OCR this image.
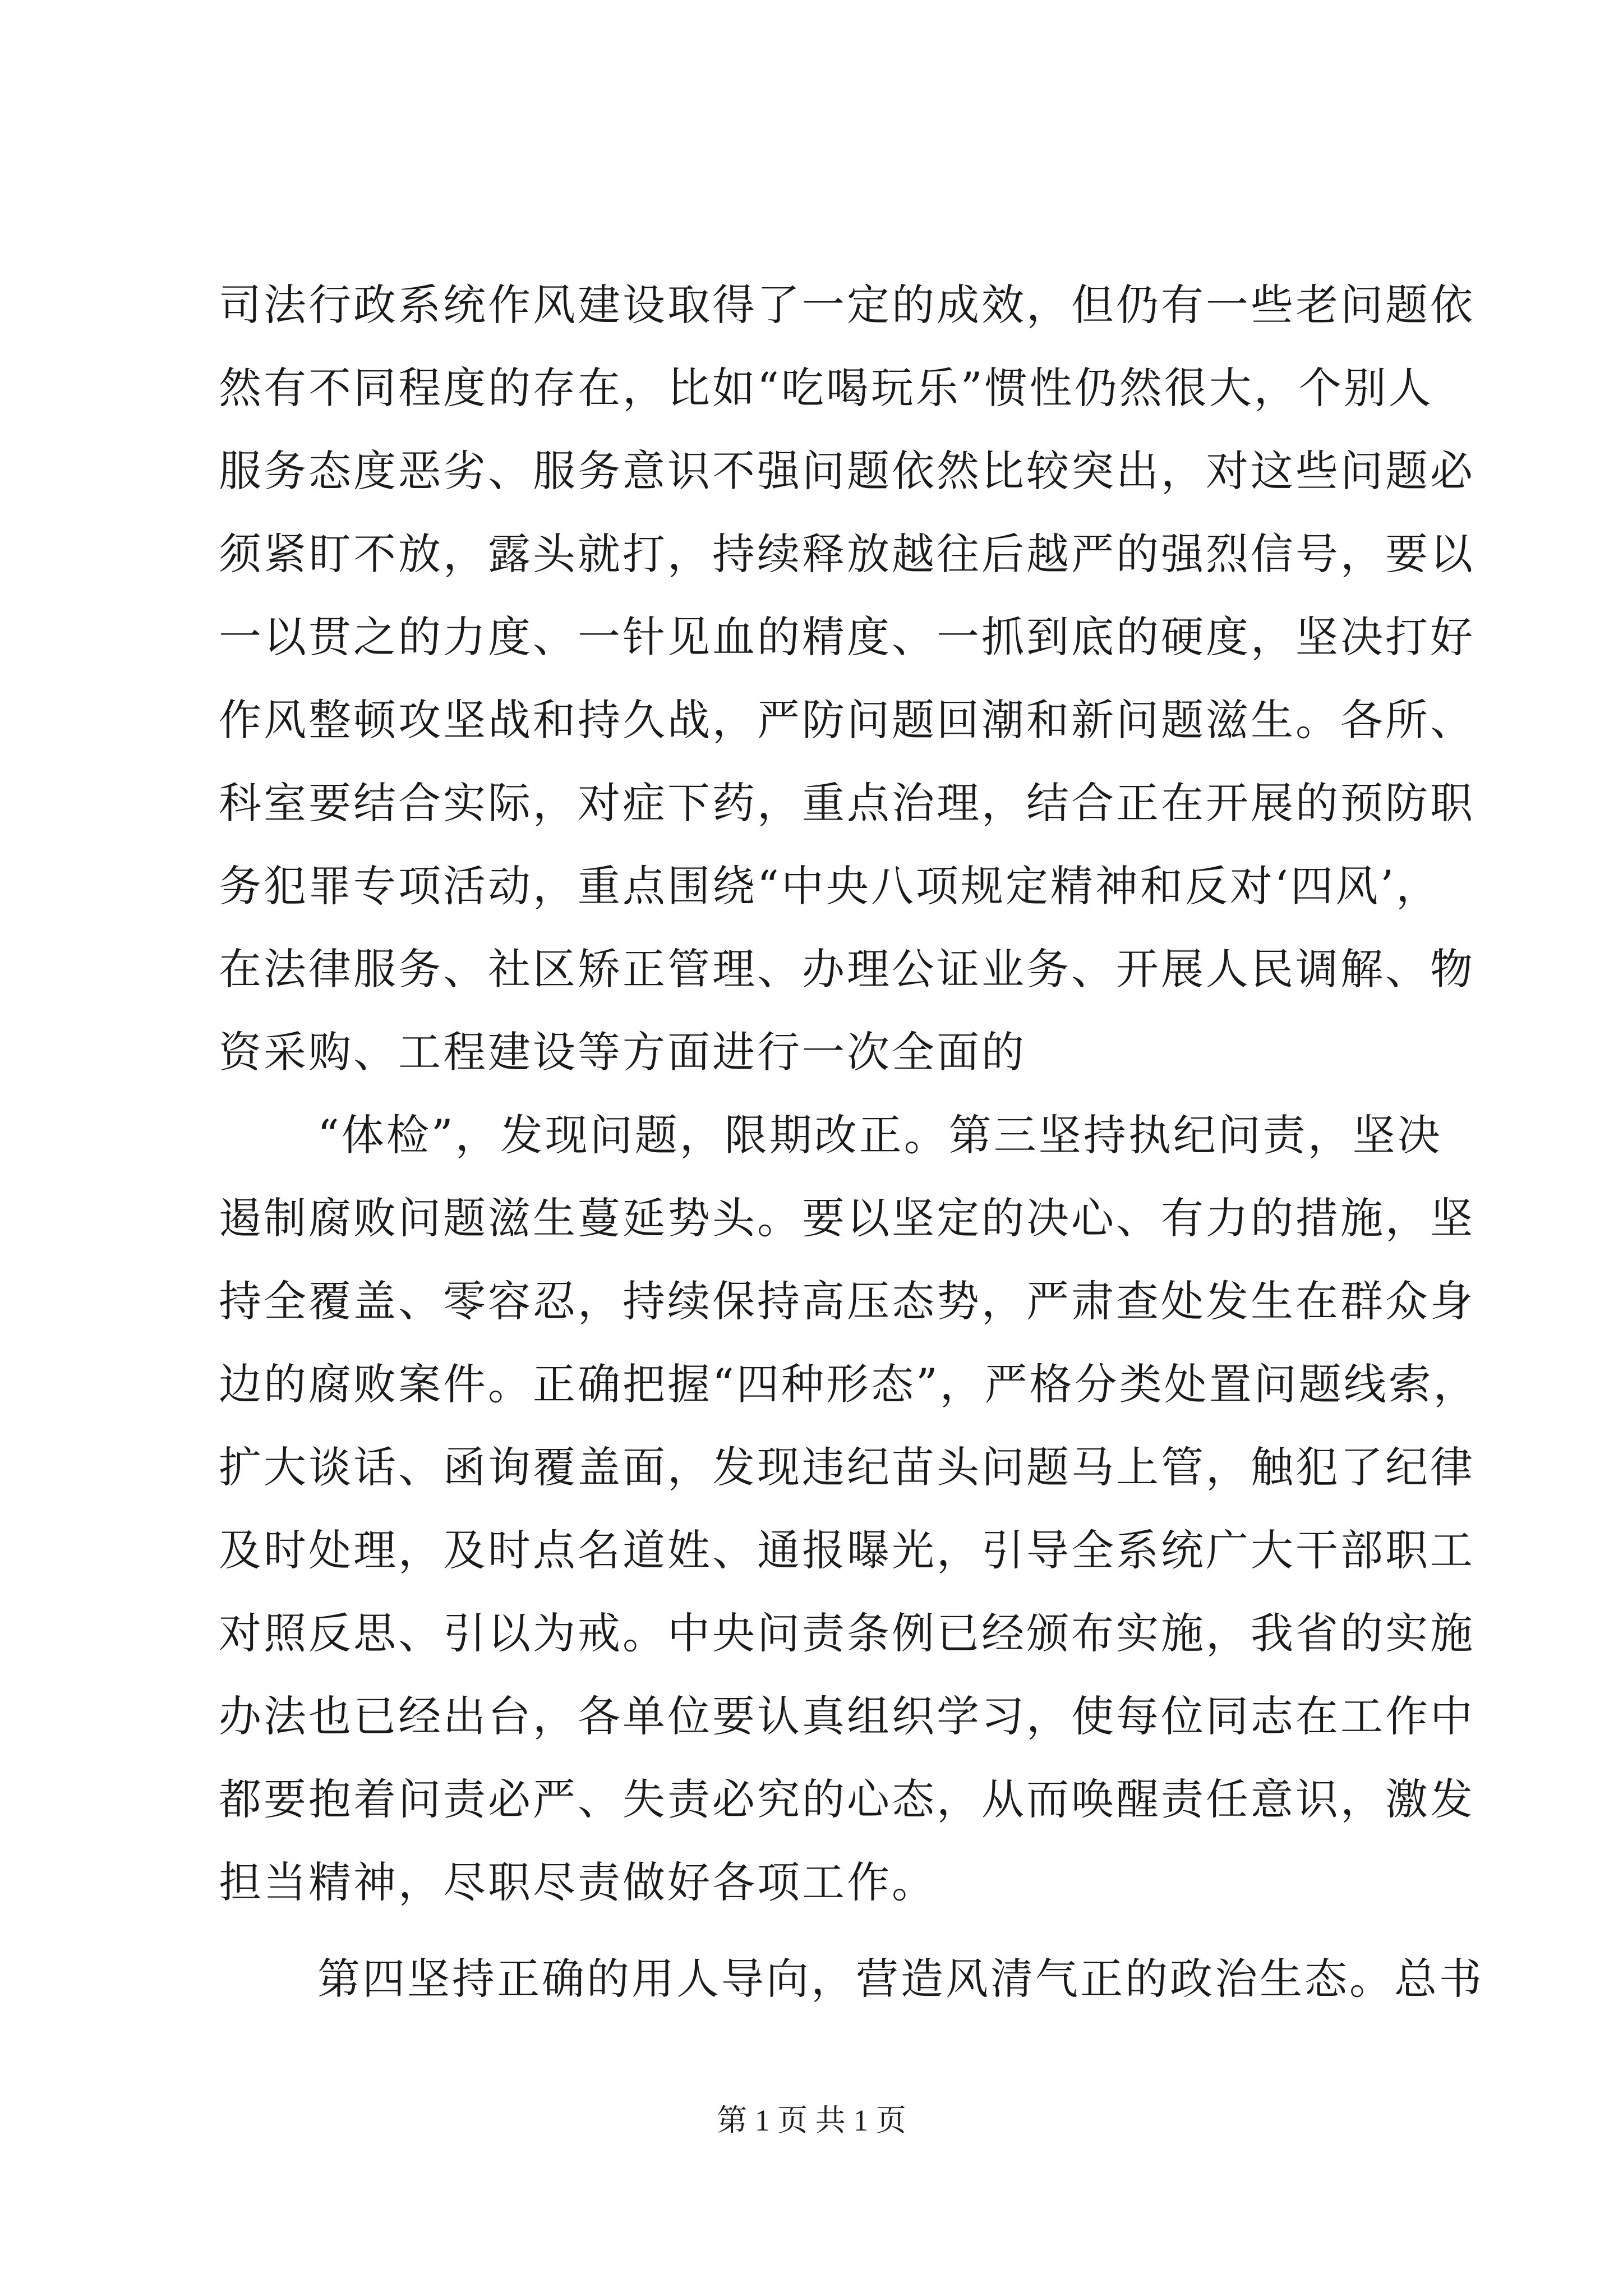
司法行政系统作风建设取得了一定的成效，但仍有一些老问题依
然有不同程度的存在，比如“吃喝玩乐”惯性仍然很大，个别人
服务态度恶劣、服务意识不强问题依然比较突出，对这些问题必
须紧盯不放，露头就打，持续释放越往后越严的强烈信号，要以
一以贯之的力度、一针见血的精度、一抓到底的硬度，坚决打好
作风整顿攻坚战和持久战，严防问题回潮和新问题滋生。各所、
科室要结合实际，对症下药，重点治理，结合正在开展的预防职
务犯罪专项活动，重点围绕“中央八项规定精神和反对‘四风’，
在法律服务、社区矫正管理、办理公证业务、开展人民调解、物
资采购、工程建设等方面进行一次全面的
“体检”，发现问题，限期改正。第三坚持执纪问责，坚决
遏制腐败问题滋生蔓延势头。要以坚定的决心、有力的措施，坚
持全覆盖、零容忍，持续保持高压态势，严肃查处发生在群众身
边的腐败案件。正确把握“四种形态”，严格分类处置问题线索，
扩大谈话、函询覆盖面，发现违纪苗头问题马上管，触犯了纪律
及时处理，及时点名道姓、通报曝光，引导全系统广大干部职工
对照反思、引以为戒。中央问责条例已经颁布实施，我省的实施
办法也已经出台，各单位要认真组织学习，使每位同志在工作中
都要抱着问责必严、失责必究的心态，从而唤醒责任意识，激发
担当精神，尽职尽责做好各项工作。
第四坚持正确的用人导向，营造风清气正的政治生态。总书
第 1 页 共 1 页
